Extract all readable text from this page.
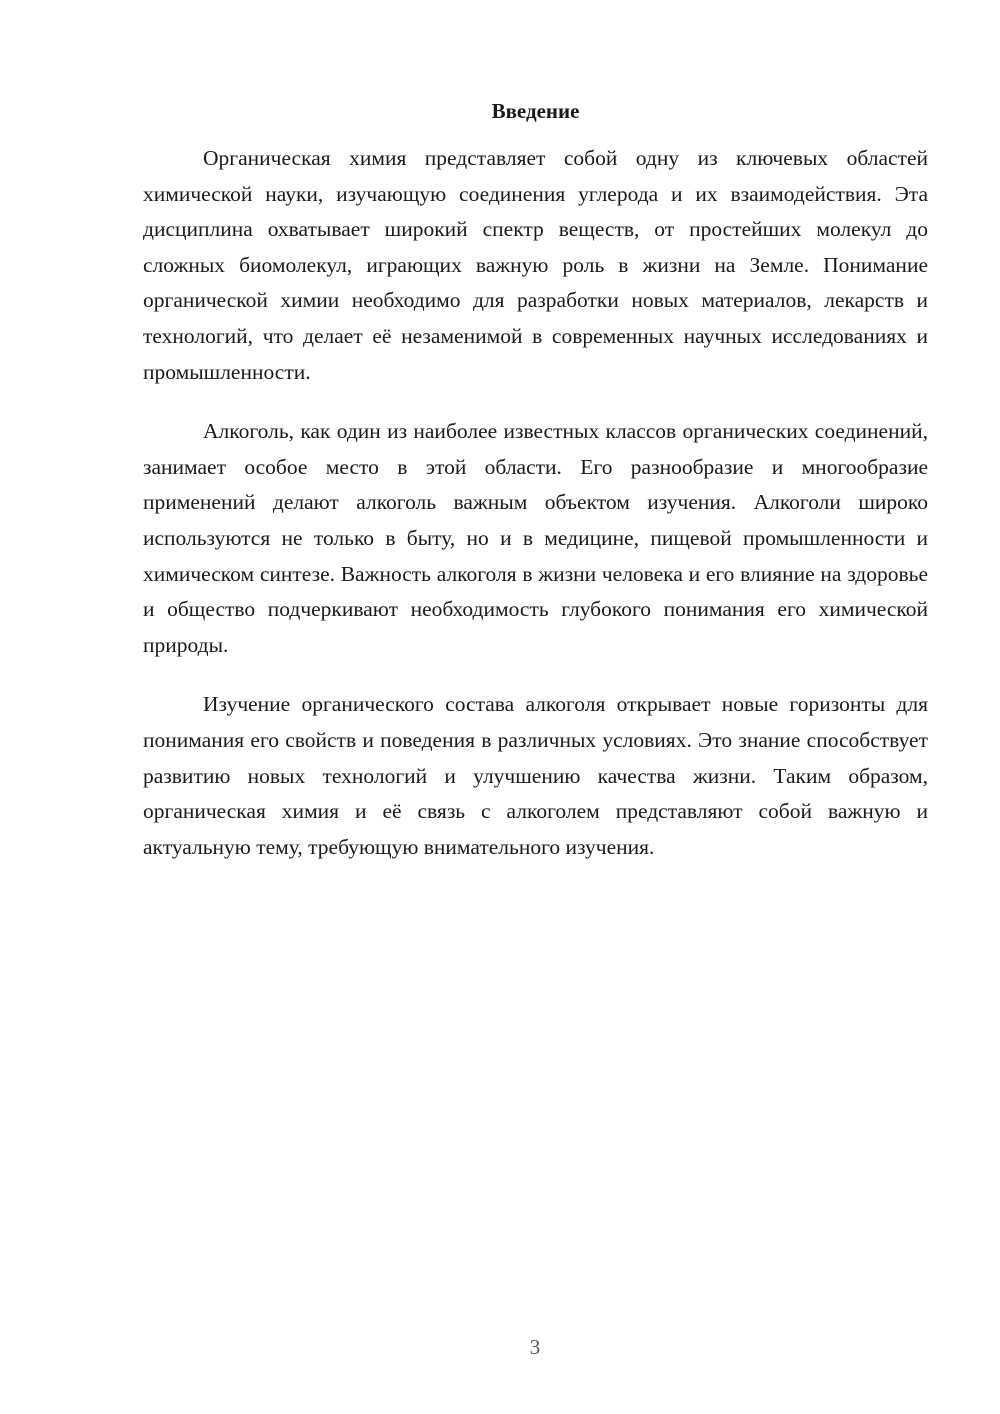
Введение

Органическая химия представляет собой одну из ключевых областей химической науки, изучающую соединения углерода и их взаимодействия. Эта дисциплина охватывает широкий спектр веществ, от простейших молекул до сложных биомолекул, играющих важную роль в жизни на Земле. Понимание органической химии необходимо для разработки новых материалов, лекарств и технологий, что делает её незаменимой в современных научных исследованиях и промышленности.

Алкоголь, как один из наиболее известных классов органических соединений, занимает особое место в этой области. Его разнообразие и многообразие применений делают алкоголь важным объектом изучения. Алкоголи широко используются не только в быту, но и в медицине, пищевой промышленности и химическом синтезе. Важность алкоголя в жизни человека и его влияние на здоровье и общество подчеркивают необходимость глубокого понимания его химической природы.

Изучение органического состава алкоголя открывает новые горизонты для понимания его свойств и поведения в различных условиях. Это знание способствует развитию новых технологий и улучшению качества жизни. Таким образом, органическая химия и её связь с алкоголем представляют собой важную и актуальную тему, требующую внимательного изучения.

3
